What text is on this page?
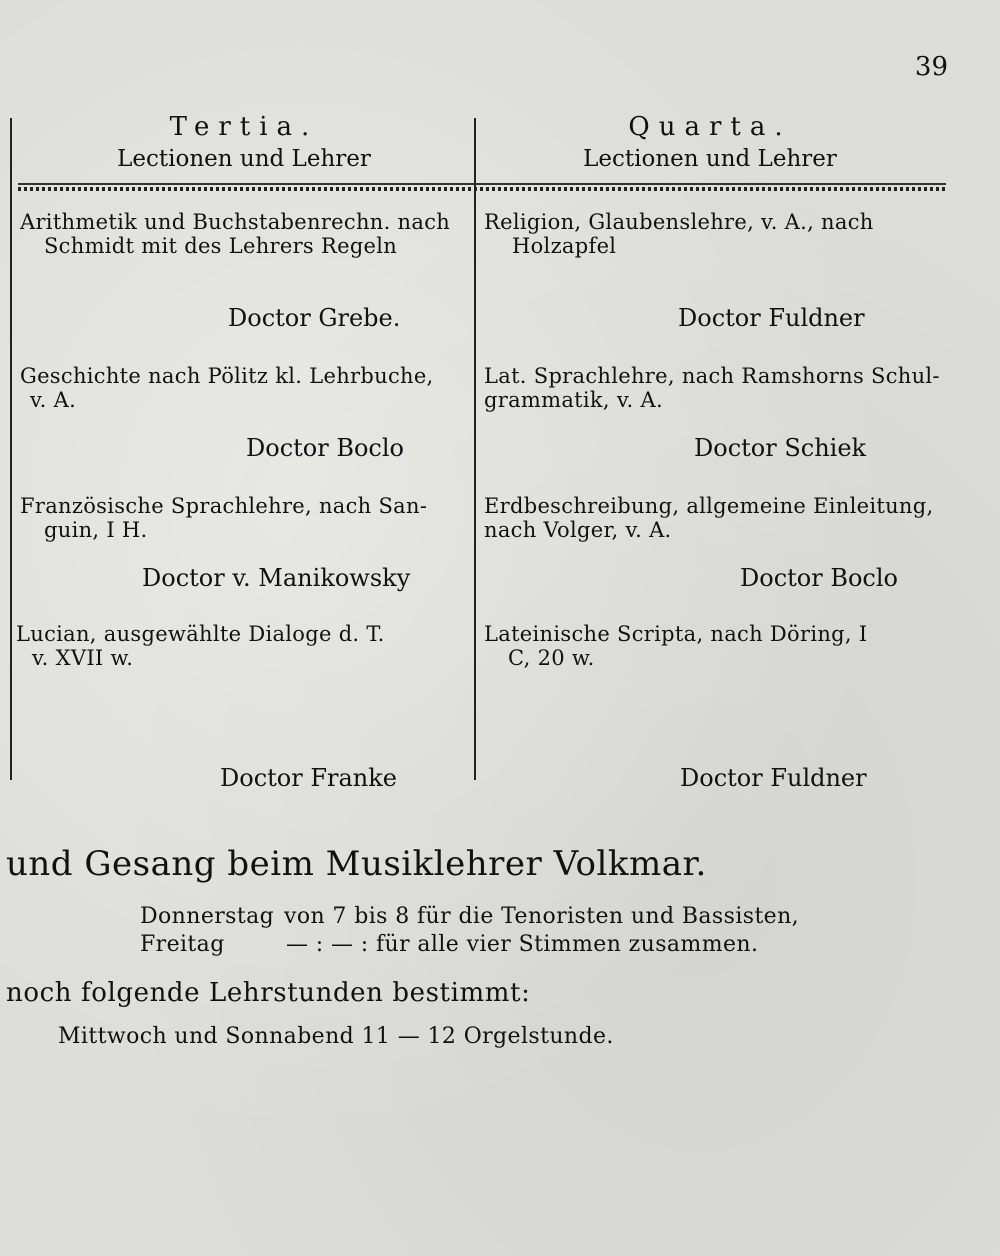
39
Tertia.
Lectionen und Lehrer
Quarta.
Lectionen und Lehrer
Arithmetik und Buchstabenrechn. nach
Schmidt mit des Lehrers Regeln
Doctor Grebe.
Geschichte nach Pölitz kl. Lehrbuche,
v. A.
Doctor Boclo
Französische Sprachlehre, nach San-
guin, I H.
Doctor v. Manikowsky
Lucian, ausgewählte Dialoge d. T.
v. XVII w.
Doctor Franke
Religion, Glaubenslehre, v. A., nach
Holzapfel
Doctor Fuldner
Lat. Sprachlehre, nach Ramshorns Schul-
grammatik, v. A.
Doctor Schiek
Erdbeschreibung, allgemeine Einleitung,
nach Volger, v. A.
Doctor Boclo
Lateinische Scripta, nach Döring, I
C, 20 w.
Doctor Fuldner
und Gesang beim Musiklehrer Volkmar.
Donnerstag von 7 bis 8 für die Tenoristen und Bassisten,
Freitag	— : — : für alle vier Stimmen zusammen.
noch folgende Lehrstunden bestimmt:
Mittwoch und Sonnabend 11 — 12 Orgelstunde.
